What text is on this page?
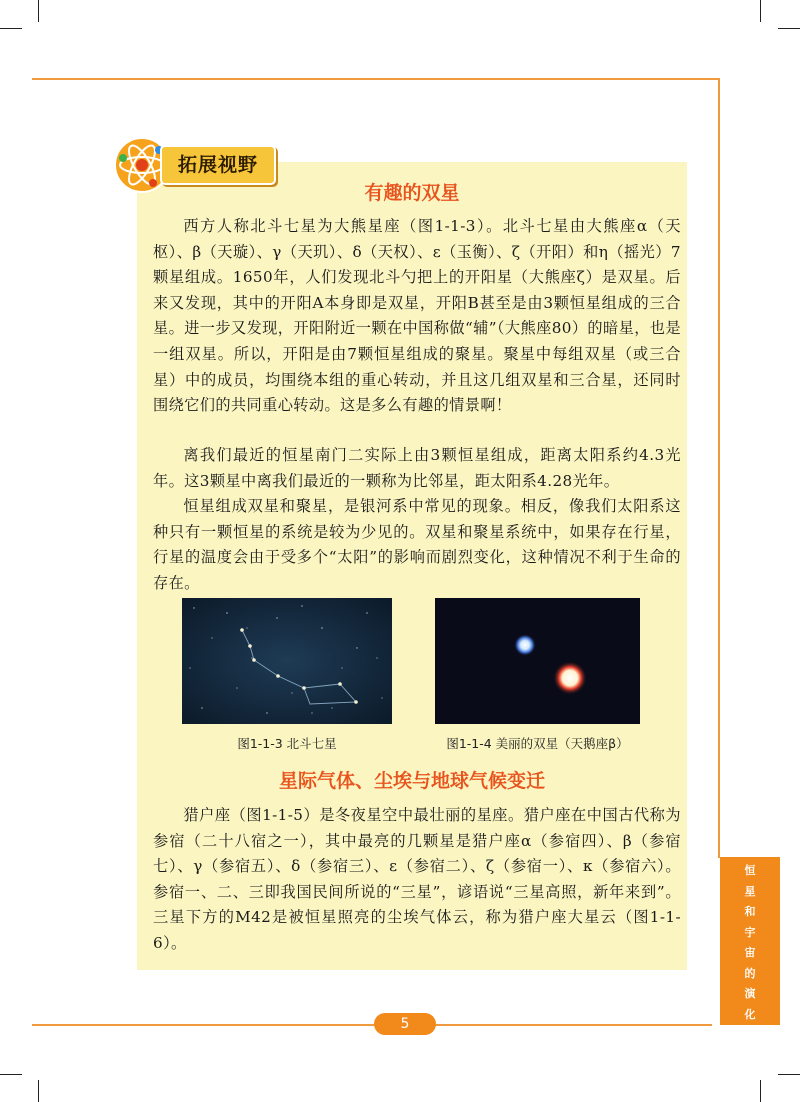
拓展视野
有趣的双星

西方人称北斗七星为大熊星座（图1-1-3）。北斗七星由大熊座α（天枢）、β（天璇）、γ（天玑）、δ（天权）、ε（玉衡）、ζ（开阳）和η（摇光）7颗星组成。1650年，人们发现北斗勺把上的开阳星（大熊座ζ）是双星。后来又发现，其中的开阳A本身即是双星，开阳B甚至是由3颗恒星组成的三合星。进一步又发现，开阳附近一颗在中国称做“辅”（大熊座80）的暗星，也是一组双星。所以，开阳是由7颗恒星组成的聚星。聚星中每组双星（或三合星）中的成员，均围绕本组的重心转动，并且这几组双星和三合星，还同时围绕它们的共同重心转动。这是多么有趣的情景啊！

离我们最近的恒星南门二实际上由3颗恒星组成，距离太阳系约4.3光年。这3颗星中离我们最近的一颗称为比邻星，距太阳系4.28光年。

恒星组成双星和聚星，是银河系中常见的现象。相反，像我们太阳系这种只有一颗恒星的系统是较为少见的。双星和聚星系统中，如果存在行星，行星的温度会由于受多个“太阳”的影响而剧烈变化，这种情况不利于生命的存在。

图1-1-3 北斗七星	图1-1-4 美丽的双星（天鹅座β）
星际气体、尘埃与地球气候变迁

猎户座（图1-1-5）是冬夜星空中最壮丽的星座。猎户座在中国古代称为参宿（二十八宿之一），其中最亮的几颗星是猎户座α（参宿四）、β（参宿七）、γ（参宿五）、δ（参宿三）、ε（参宿二）、ζ（参宿一）、κ（参宿六）。参宿一、二、三即我国民间所说的“三星”，谚语说“三星高照，新年来到”。三星下方的M42是被恒星照亮的尘埃气体云，称为猎户座大星云（图1-1-6）。

恒
星
和
宇
宙
的
演
化
5
